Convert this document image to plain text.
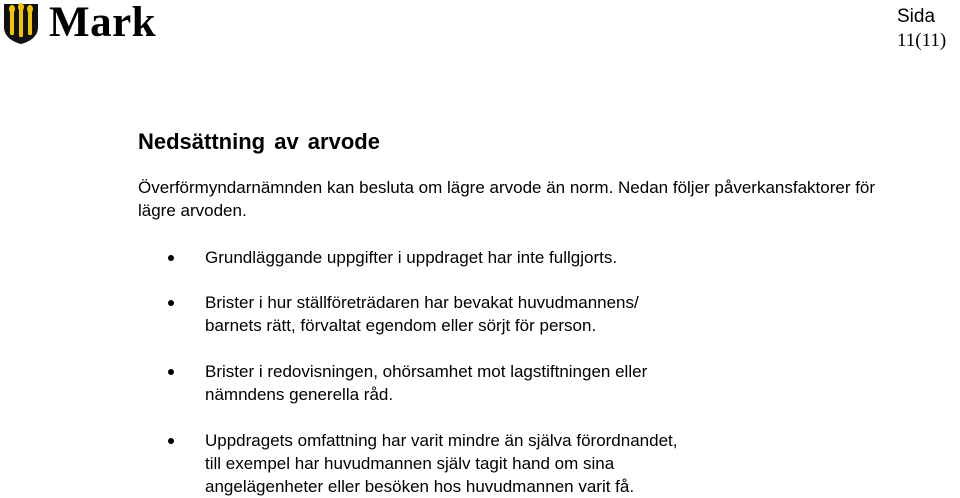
Mark	Sida
11(11)
Nedsättning av arvode

Överförmyndarnämnden kan besluta om lägre arvode än norm. Nedan följer påverkansfaktorer för lägre arvoden.

Grundläggande uppgifter i uppdraget har inte fullgjorts.
Brister i hur ställföreträdaren har bevakat huvudmannens/
barnets rätt, förvaltat egendom eller sörjt för person.
Brister i redovisningen, ohörsamhet mot lagstiftningen eller
nämndens generella råd.
Uppdragets omfattning har varit mindre än själva förordnandet,
till exempel har huvudmannen själv tagit hand om sina
angelägenheter eller besöken hos huvudmannen varit få.
